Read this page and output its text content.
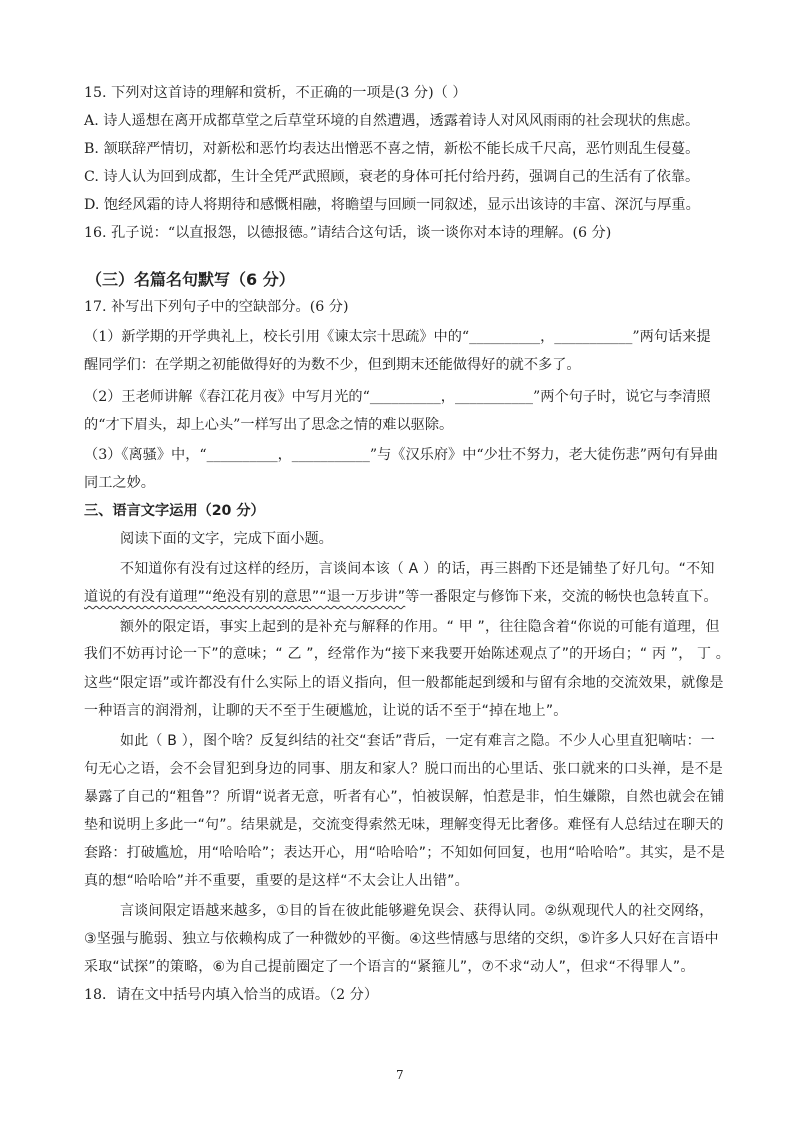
15. 下列对这首诗的理解和赏析，不正确的一项是(3 分)（ ）
A. 诗人遥想在离开成都草堂之后草堂环境的自然遭遇，透露着诗人对风风雨雨的社会现状的焦虑。
B. 颔联辞严情切，对新松和恶竹均表达出憎恶不喜之情，新松不能长成千尺高，恶竹则乱生侵蔓。
C. 诗人认为回到成都，生计全凭严武照顾，衰老的身体可托付给丹药，强调自己的生活有了依靠。
D. 饱经风霜的诗人将期待和感慨相融，将瞻望与回顾一同叙述，显示出该诗的丰富、深沉与厚重。
16. 孔子说：“以直报怨，以德报德。”请结合这句话，谈一谈你对本诗的理解。(6 分)
（三）名篇名句默写（6 分）
17. 补写出下列句子中的空缺部分。(6 分)
（1）新学期的开学典礼上，校长引用《谏太宗十思疏》中的“__________，___________”两句话来提
醒同学们：在学期之初能做得好的为数不少，但到期末还能做得好的就不多了。
（2）王老师讲解《春江花月夜》中写月光的“__________，___________”两个句子时，说它与李清照
的“才下眉头，却上心头”一样写出了思念之情的难以驱除。
（3）《离骚》中，“__________，___________”与《汉乐府》中“少壮不努力，老大徒伤悲”两句有异曲
同工之妙。
三、语言文字运用（20 分）
阅读下面的文字，完成下面小题。
不知道你有没有过这样的经历，言谈间本该（ A ）的话，再三斟酌下还是铺垫了好几句。“不知
道说的有没有道理”“绝没有别的意思”“退一万步讲”等一番限定与修饰下来，交流的畅快也急转直下。
额外的限定语，事实上起到的是补充与解释的作用。“ 甲 ”，往往隐含着“你说的可能有道理，但
我们不妨再讨论一下”的意味；“ 乙 ”，经常作为“接下来我要开始陈述观点了”的开场白；“ 丙 ”， 丁 。
这些“限定语”或许都没有什么实际上的语义指向，但一般都能起到缓和与留有余地的交流效果，就像是
一种语言的润滑剂，让聊的天不至于生硬尴尬，让说的话不至于“掉在地上”。
如此（ B ），图个啥？反复纠结的社交“套话”背后，一定有难言之隐。不少人心里直犯嘀咕：一
句无心之语，会不会冒犯到身边的同事、朋友和家人？脱口而出的心里话、张口就来的口头禅，是不是
暴露了自己的“粗鲁”？所谓“说者无意，听者有心”，怕被误解，怕惹是非，怕生嫌隙，自然也就会在铺
垫和说明上多此一“句”。结果就是，交流变得索然无味，理解变得无比奢侈。难怪有人总结过在聊天的
套路：打破尴尬，用“哈哈哈”；表达开心，用“哈哈哈”；不知如何回复，也用“哈哈哈”。其实，是不是
真的想“哈哈哈”并不重要，重要的是这样“不太会让人出错”。
言谈间限定语越来越多，①目的旨在彼此能够避免误会、获得认同。②纵观现代人的社交网络，
③坚强与脆弱、独立与依赖构成了一种微妙的平衡。④这些情感与思绪的交织，⑤许多人只好在言语中
采取“试探”的策略，⑥为自己提前圈定了一个语言的“紧箍儿”，⑦不求“动人”，但求“不得罪人”。
18．请在文中括号内填入恰当的成语。（2 分）
7
